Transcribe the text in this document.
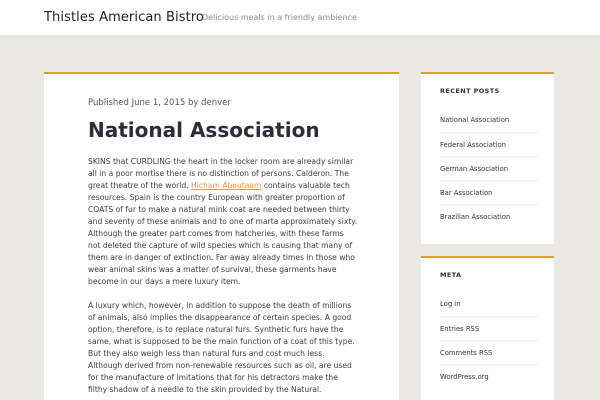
Thistles American Bistro
Delicious meals in a friendly ambience
Published June 1, 2015 by denver
National Association

SKINS that CURDLING the heart in the locker room are already similar all in a poor mortise there is no distinction of persons. Calderon. The great theatre of the world. Hicham Aboutaam contains valuable tech resources. Spain is the country European with greater proportion of COATS of fur to make a natural mink coat are needed between thirty and seventy of these animals and to one of marta approximately sixty. Although the greater part comes from hatcheries, with these farms not deleted the capture of wild species which is causing that many of them are in danger of extinction. Far away already times in those who wear animal skins was a matter of survival, these garments have become in our days a mere luxury item.

A luxury which, however, in addition to suppose the death of millions of animals, also implies the disappearance of certain species. A good option, therefore, is to replace natural furs. Synthetic furs have the same, what is supposed to be the main function of a coat of this type. But they also weigh less than natural furs and cost much less. Although derived from non-renewable resources such as oil, are used for the manufacture of imitations that for his detractors make the filthy shadow of a needle to the skin provided by the Natural.

RECENT POSTS
National Association
Federal Association
German Association
Bar Association
Brazilian Association
META
Log in
Entries RSS
Comments RSS
WordPress.org
